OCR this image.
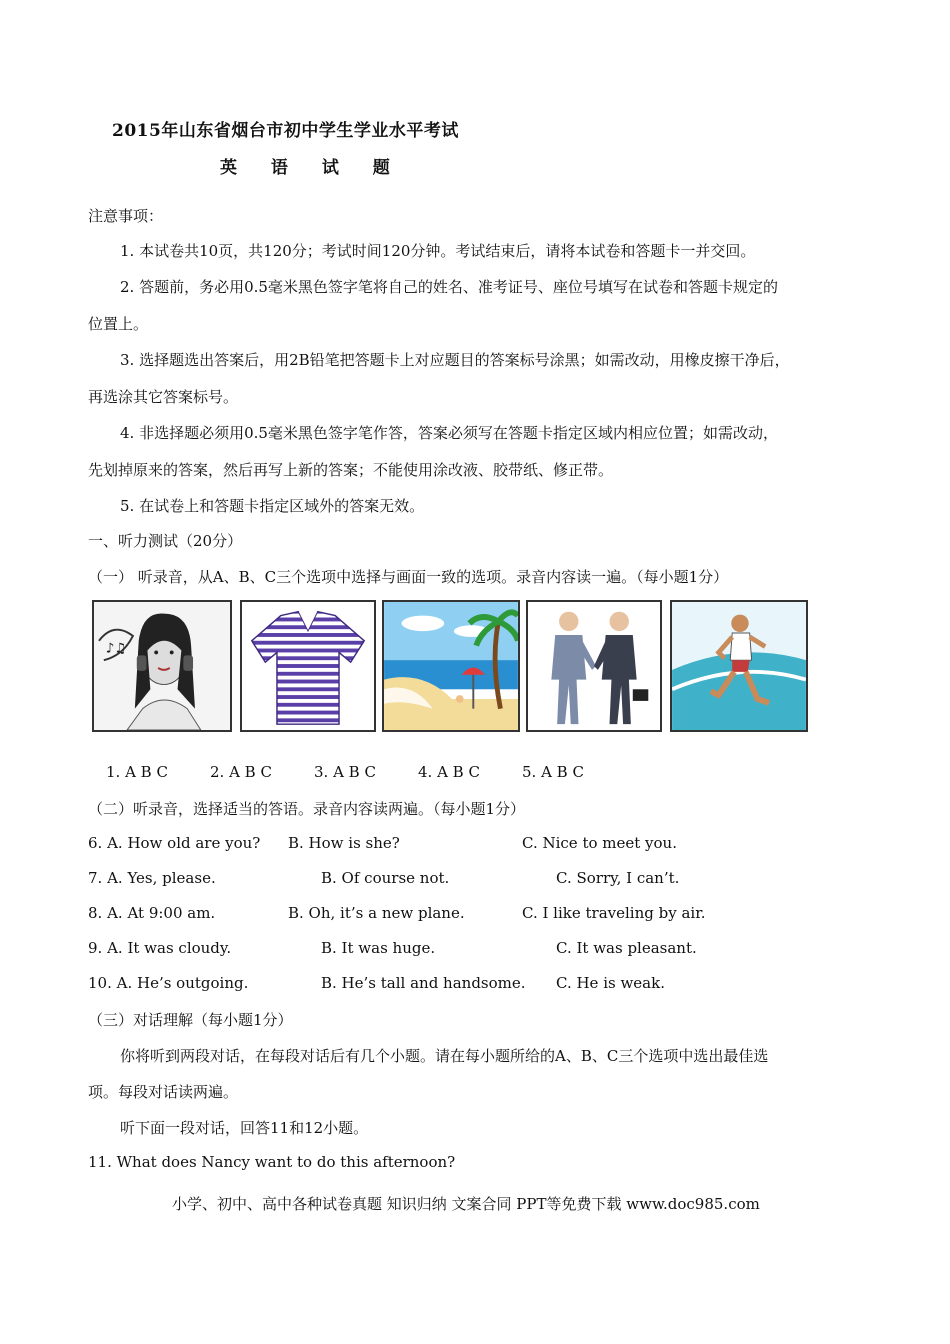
2015年山东省烟台市初中学生学业水平考试
英 语 试 题
注意事项：
1. 本试卷共10页，共120分；考试时间120分钟。考试结束后，请将本试卷和答题卡一并交回。
2. 答题前，务必用0.5毫米黑色签字笔将自己的姓名、准考证号、座位号填写在试卷和答题卡规定的
位置上。
3. 选择题选出答案后，用2B铅笔把答题卡上对应题目的答案标号涂黑；如需改动，用橡皮擦干净后，
再选涂其它答案标号。
4. 非选择题必须用0.5毫米黑色签字笔作答，答案必须写在答题卡指定区域内相应位置；如需改动，
先划掉原来的答案，然后再写上新的答案；不能使用涂改液、胶带纸、修正带。
5. 在试卷上和答题卡指定区域外的答案无效。
一、听力测试（20分）
（一） 听录音，从A、B、C三个选项中选择与画面一致的选项。录音内容读一遍。（每小题1分）
♪♫
1. A B C	2. A B C	3. A B C	4. A B C	5. A B C
（二）听录音，选择适当的答语。录音内容读两遍。（每小题1分）
6. A. How old are you? B. How is she?	C. Nice to meet you.
7. A. Yes, please.	B. Of course not.	C. Sorry, I can’t.
8. A. At 9:00 am.	B. Oh, it’s a new plane.	C. I like traveling by air.
9. A. It was cloudy.	B. It was huge.	C. It was pleasant.
10. A. He’s outgoing.	B. He’s tall and handsome. C. He is weak.
（三）对话理解（每小题1分）
你将听到两段对话，在每段对话后有几个小题。请在每小题所给的A、B、C三个选项中选出最佳选
项。每段对话读两遍。
听下面一段对话，回答11和12小题。
11. What does Nancy want to do this afternoon?
小学、初中、高中各种试卷真题 知识归纳 文案合同 PPT等免费下载 www.doc985.com
